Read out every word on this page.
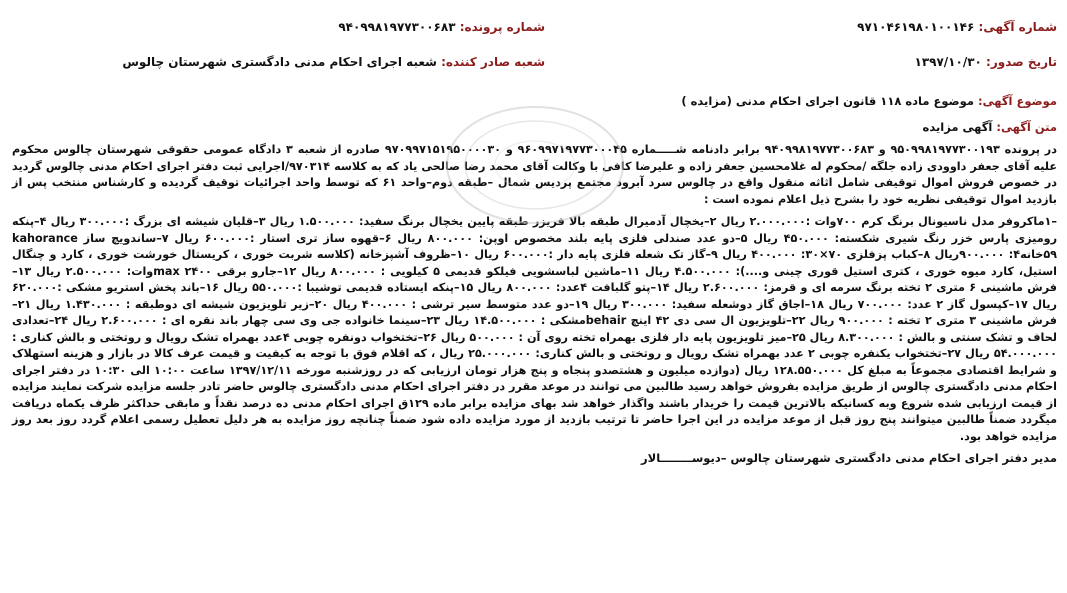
شماره آگهی: ۹۷۱۰۴۶۱۹۸۰۱۰۰۱۴۶
شماره پرونده: ۹۴۰۹۹۸۱۹۷۷۳۰۰۶۸۳
تاریخ صدور: ۱۳۹۷/۱۰/۳۰
شعبه صادر کننده: شعبه اجرای احکام مدنی دادگستری شهرستان چالوس

موضوع آگهی: موضوع ماده ۱۱۸ قانون اجرای احکام مدنی (مزایده )

متن آگهی: آگهی مزایده

در پرونده ۹۵۰۹۹۸۱۹۷۷۳۰۰۱۹۳ و ۹۴۰۹۹۸۱۹۷۷۳۰۰۶۸۳ برابر دادنامه شـــــماره ۹۶۰۹۹۷۱۹۷۷۳۰۰۰۴۵ و ۹۷۰۹۹۷۱۵۱۹۵۰۰۰۰۳۰ صادره از شعبه ۳ دادگاه عمومی حقوقی شهرستان چالوس محکوم علیه آقای جعفر داوودی زاده جلگه /محکوم له غلامحسین جعفر زاده و علیرضا کافی با وکالت آقای محمد رضا صالحی یاد که به کلاسه ۹۷۰۳۱۴/اجرایی ثبت دفتر اجرای احکام مدنی چالوس گردید در خصوص فروش اموال توقیفی شامل اثاثه منقول واقع در چالوس سرد آبرود مجتمع پردیس شمال –طبقه دوم–واحد ۶۱ که توسط واحد اجرائیات توقیف گردیده و کارشناس منتخب پس از بازدید اموال توقیفی نظریه خود را بشرح ذیل اعلام نموده است :

–۱ماکروفر مدل ناسیونال برنگ کرم ۷۰۰وات :۲.۰۰۰.۰۰۰ ریال ۲–یخچال آدمیرال طبقه بالا فریزر طبقه پایین یخچال برنگ سفید: ۱.۵۰۰.۰۰۰ ریال ۳–قلیان شیشه ای بزرگ :۳۰۰.۰۰۰ ریال ۴–پنکه رومیزی پارس خزر رنگ شیری شکسته: ۴۵۰.۰۰۰ ریال ۵–دو عدد صندلی فلزی پایه بلند مخصوص اوپن: ۸۰۰.۰۰۰ ریال ۶–قهوه ساز تری استار :۶۰۰.۰۰۰ ریال ۷–ساندویچ ساز kahorance ۵۹خانه۴: ۹۰۰.۰۰۰ریال ۸–کباب پزفلزی ۷۰×۳۰: ۴۰۰.۰۰۰ ریال ۹–گاز تک شعله فلزی پایه دار :۶۰۰.۰۰۰ ریال ۱۰–ظروف آشپزخانه (کلاسه شربت خوری ، کریستال خورشت خوری ، کارد و چنگال استیل، کارد میوه خوری ، کتری استیل قوری چینی و....): ۴.۵۰۰.۰۰۰ ریال ۱۱–ماشین لباسشویی فیلکو قدیمی ۵ کیلویی : ۸۰۰.۰۰۰ ریال ۱۲–جارو برقی max ۲۴۰۰وات: ۲.۵۰۰.۰۰۰ ریال ۱۳–فرش ماشینی ۶ متری ۲ تخته برنگ سرمه ای و قرمز: ۲.۶۰۰.۰۰۰ ریال ۱۴–پتو گلبافت ۴عدد: ۸۰۰.۰۰۰ ریال ۱۵–پنکه ایستاده قدیمی توشیبا :۵۵۰.۰۰۰ ریال ۱۶–باند پخش استریو مشکی :۶۲۰.۰۰۰ ریال ۱۷–کپسول گاز ۲ عدد: ۷۰۰.۰۰۰ ریال ۱۸–اجاق گاز دوشعله سفید: ۳۰۰.۰۰۰ ریال ۱۹–دو عدد متوسط سیر ترشی : ۴۰۰.۰۰۰ ریال ۲۰–زیر تلویزیون شیشه ای دوطبقه : ۱.۴۳۰.۰۰۰ ریال ۲۱–فرش ماشینی ۳ متری ۲ تخته : ۹۰۰.۰۰۰ ریال ۲۲–تلویزیون ال سی دی ۴۲ اینچ behairمشکی : ۱۴.۵۰۰.۰۰۰ ریال ۲۳–سینما خانواده جی وی سی چهار باند نقره ای : ۲.۶۰۰.۰۰۰ ریال ۲۴–تعدادی لحاف و تشک سنتی و بالش : ۸.۳۰۰.۰۰۰ ریال ۲۵–میز تلویزیون پایه دار فلزی بهمراه تخته روی آن : ۵۰۰.۰۰۰ ریال ۲۶–تختخواب دونفره چوبی ۴عدد بهمراه تشک رویال و روتختی و بالش کناری : ۵۴.۰۰۰.۰۰۰ ریال ۲۷–تختخواب یکنفره چوبی ۲ عدد بهمراه تشک رویال و روتختی و بالش کناری: ۲۵.۰۰۰.۰۰۰ ریال ، که اقلام فوق با توجه به کیفیت و قیمت عرف کالا در بازار و هزینه استهلاک و شرایط اقتصادی مجموعاً به مبلغ کل ۱۲۸.۵۵۰.۰۰۰ ریال (دوازده میلیون و هشتصدو پنجاه و پنج هزار تومان ارزیابی که در روزشنبه مورخه ۱۳۹۷/۱۲/۱۱ ساعت ۱۰:۰۰ الی ۱۰:۳۰ در دفتر اجرای احکام مدنی دادگستری چالوس از طریق مزایده بفروش خواهد رسید طالبین می توانند در موعد مقرر در دفتر اجرای احکام مدنی دادگستری چالوس حاضر تادر جلسه مزایده شرکت نمایند مزایده از قیمت ارزیابی شده شروع وبه کسانیکه بالاترین قیمت را خریدار باشند واگذار خواهد شد بهای مزایده برابر ماده ۱۲۹ق اجرای احکام مدنی ده درصد نقداً و مابقی حداکثر ظرف یکماه دریافت میگردد ضمناً طالبین میتوانند پنج روز قبل از موعد مزایده در این اجرا حاضر تا ترتیب بازدید از مورد مزایده داده شود ضمناً چنانچه روز مزایده به هر دلیل تعطیل رسمی اعلام گردد روز بعد روز مزایده خواهد بود.

مدیر دفتر اجرای احکام مدنی دادگستری شهرستان چالوس –دیوســــــــالار
